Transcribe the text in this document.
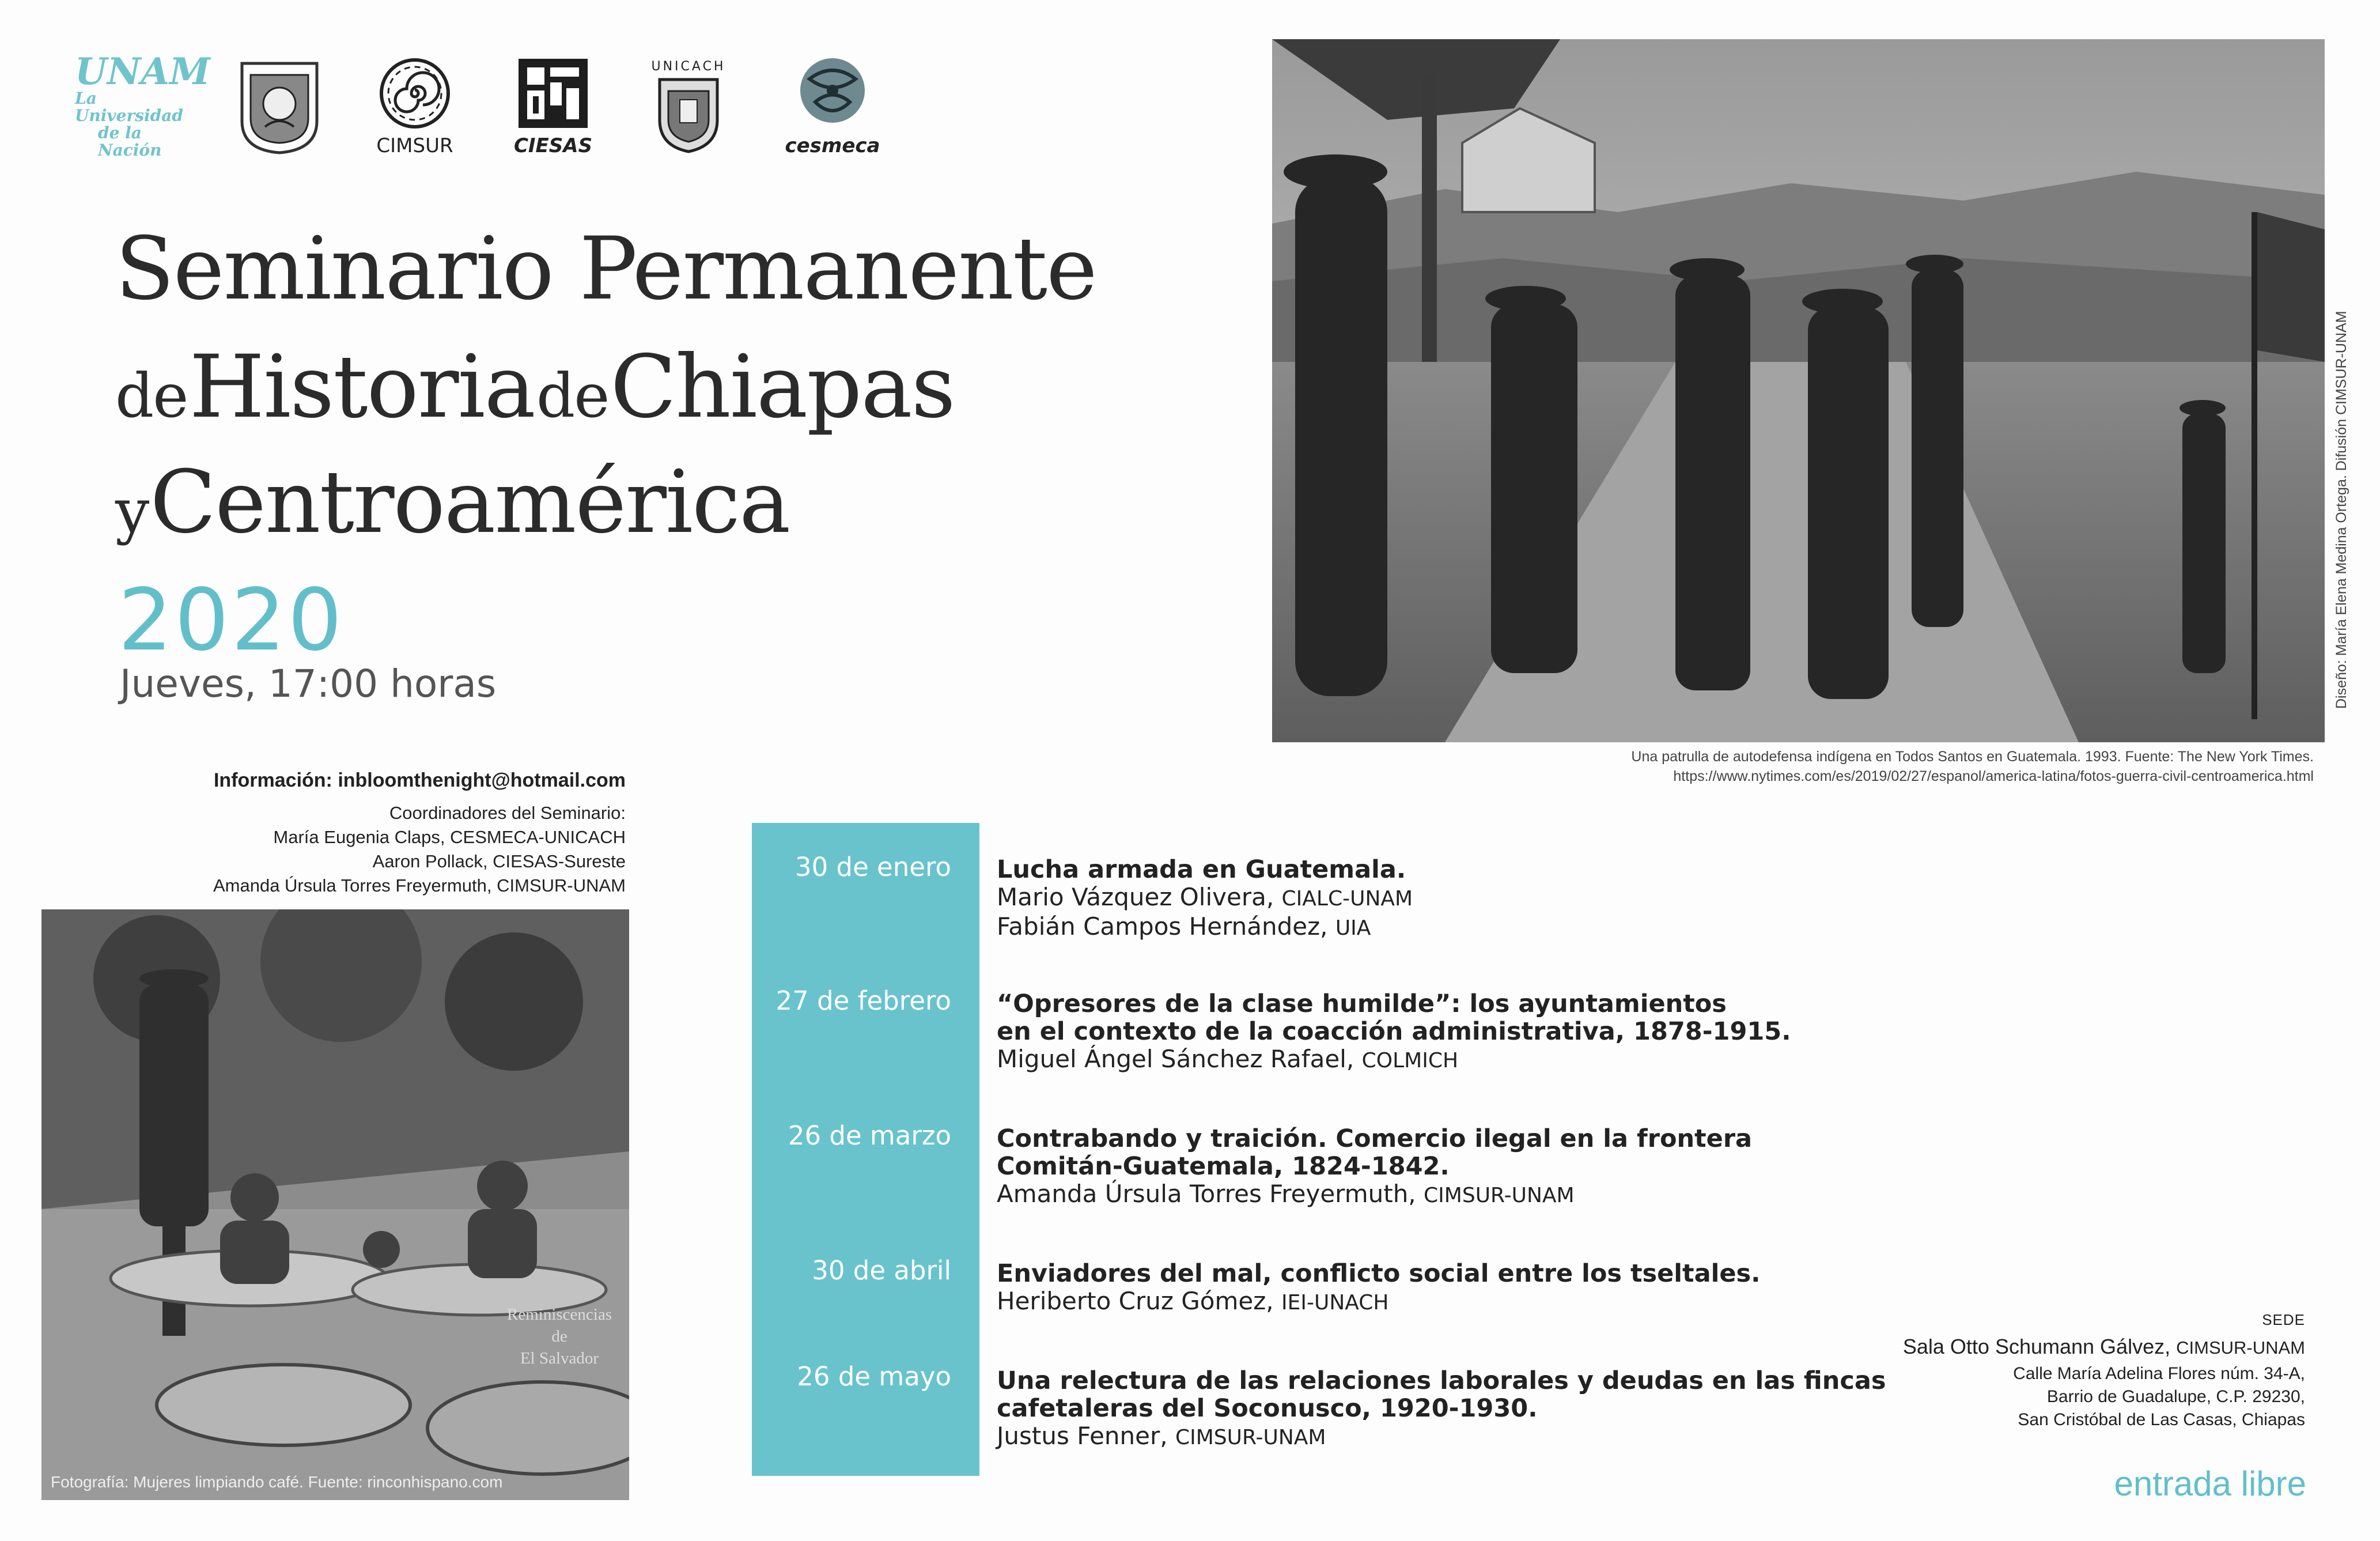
UNAM
La Universidad
de la Nación	CIMSUR	CIESAS
UNICACH
cesmeca
Seminario Permanente
de Historia de Chiapas
y Centroamérica
2020
Jueves, 17:00 horas
Información: inbloomthenight@hotmail.com
Coordinadores del Seminario:
María Eugenia Claps, CESMECA-UNICACH
Aaron Pollack, CIESAS-Sureste
Amanda Úrsula Torres Freyermuth, CIMSUR-UNAM
Diseño: María Elena Medina Ortega. Difusión CIMSUR-UNAM
Una patrulla de autodefensa indígena en Todos Santos en Guatemala. 1993. Fuente: The New York Times.
https://www.nytimes.com/es/2019/02/27/espanol/america-latina/fotos-guerra-civil-centroamerica.html
Reminiscencias
de
El Salvador
Fotografía: Mujeres limpiando café. Fuente: rinconhispano.com
30 de enero Lucha armada en Guatemala.
Mario Vázquez Olivera, CIALC-UNAM
Fabián Campos Hernández, UIA
27 de febrero “Opresores de la clase humilde”: los ayuntamientos
en el contexto de la coacción administrativa, 1878-1915.
Miguel Ángel Sánchez Rafael, COLMICH
26 de marzo Contrabando y traición. Comercio ilegal en la frontera
Comitán-Guatemala, 1824-1842.
Amanda Úrsula Torres Freyermuth, CIMSUR-UNAM
30 de abril Enviadores del mal, conflicto social entre los tseltales.
Heriberto Cruz Gómez, IEI-UNACH
26 de mayo Una relectura de las relaciones laborales y deudas en las fincas
cafetaleras del Soconusco, 1920-1930.
Justus Fenner, CIMSUR-UNAM
SEDE
Sala Otto Schumann Gálvez, CIMSUR-UNAM
Calle María Adelina Flores núm. 34-A,
Barrio de Guadalupe, C.P. 29230,
San Cristóbal de Las Casas, Chiapas
entrada libre
